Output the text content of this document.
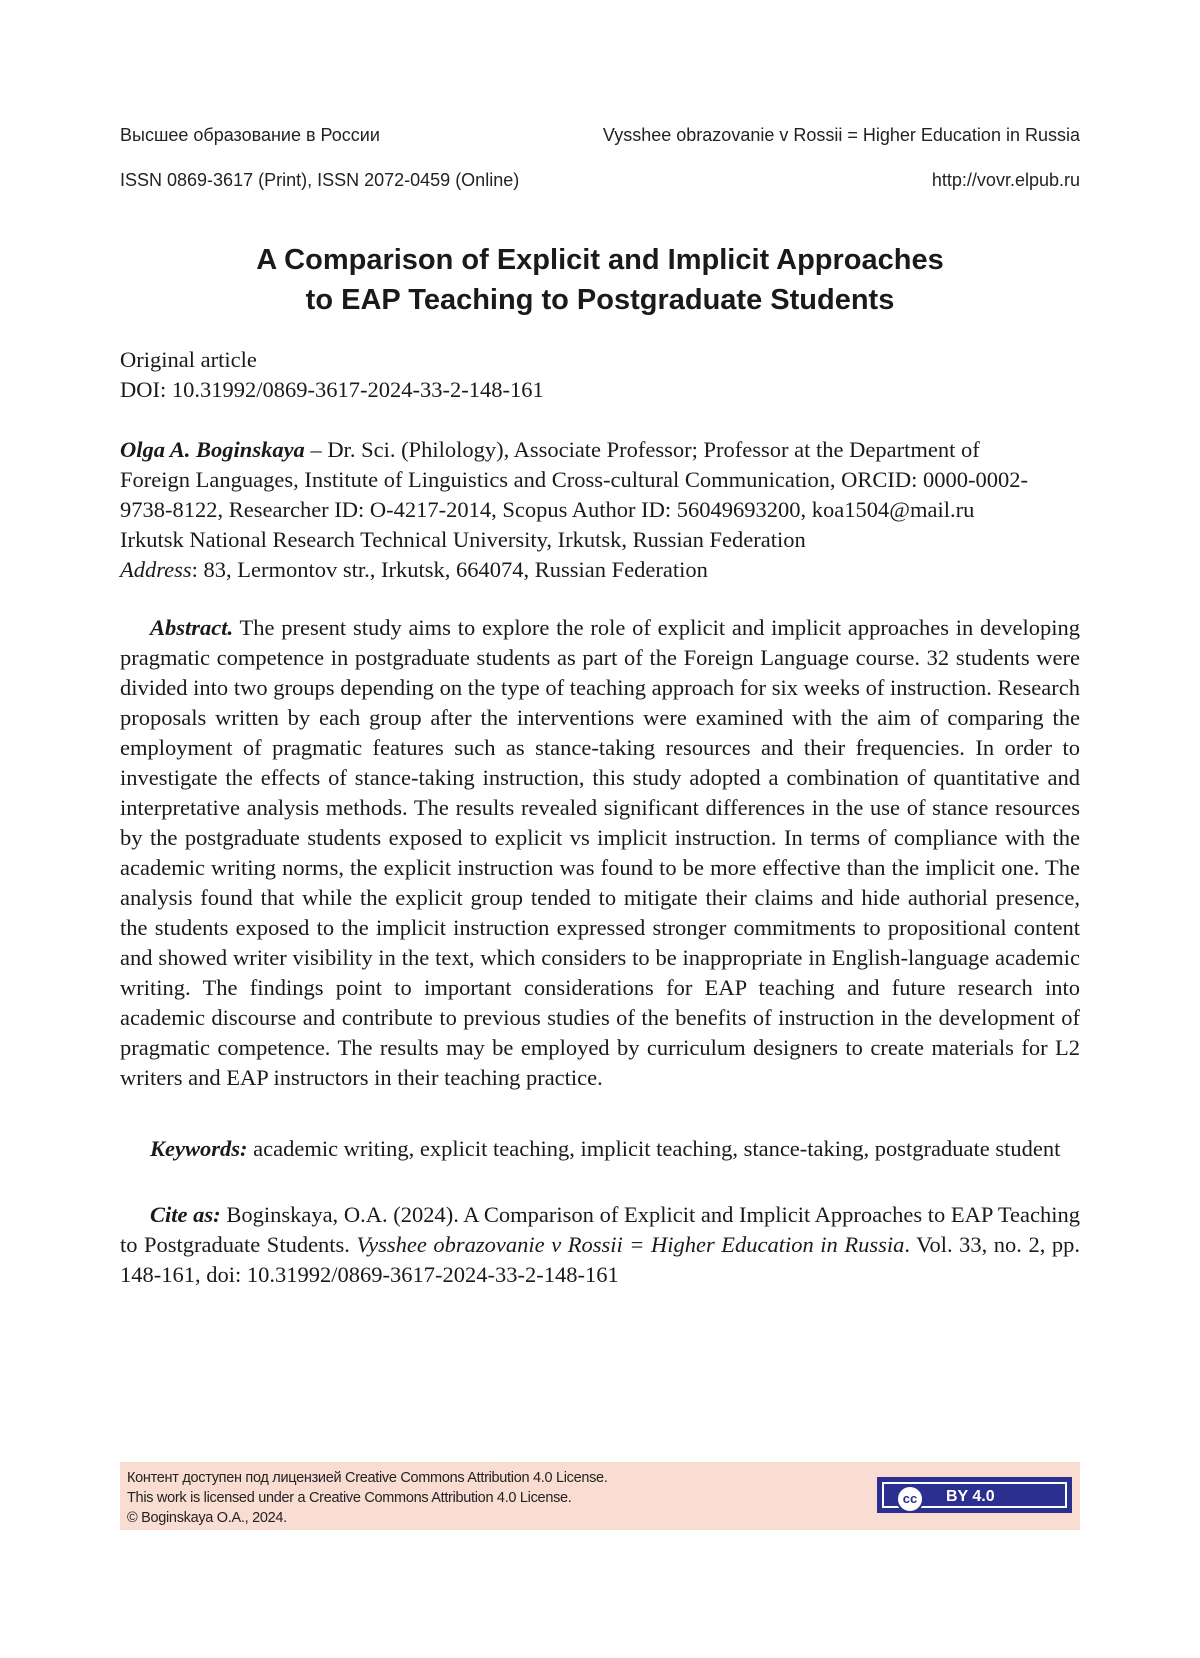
Высшее образование в России	Vysshee obrazovanie v Rossii = Higher Education in Russia
ISSN 0869-3617 (Print), ISSN 2072-0459 (Online)	http://vovr.elpub.ru
A Comparison of Explicit and Implicit Approaches
to EAP Teaching to Postgraduate Students
Original article
DOI: 10.31992/0869-3617-2024-33-2-148-161
Olga A. Boginskaya – Dr. Sci. (Philology), Associate Professor; Professor at the Department of
Foreign Languages, Institute of Linguistics and Cross-cultural Communication, ORCID: 0000-0002-
9738-8122, Researcher ID: O-4217-2014, Scopus Author ID: 56049693200, koa1504@mail.ru
Irkutsk National Research Technical University, Irkutsk, Russian Federation
Address: 83, Lermontov str., Irkutsk, 664074, Russian Federation
Abstract. The present study aims to explore the role of explicit and implicit approaches in developing pragmatic competence in postgraduate students as part of the Foreign Language course. 32 students were divided into two groups depending on the type of teaching approach for six weeks of instruction. Research proposals written by each group after the interventions were examined with the aim of comparing the employment of pragmatic features such as stance-taking resources and their frequencies. In order to investigate the effects of stance-taking instruction, this study adopted a combination of quantitative and interpretative analysis methods. The results revealed significant differences in the use of stance resources by the postgraduate students exposed to explicit vs implicit instruction. In terms of compliance with the academic writing norms, the explicit instruction was found to be more effective than the implicit one. The analysis found that while the explicit group tended to mitigate their claims and hide authorial presence, the students exposed to the implicit instruction expressed stronger commitments to propositional content and showed writer visibility in the text, which considers to be inappropriate in English-language academic writing. The findings point to important considerations for EAP teaching and future research into academic discourse and contribute to previous studies of the benefits of instruction in the development of pragmatic competence. The results may be employed by curriculum designers to create materials for L2 writers and EAP instructors in their teaching practice.
Keywords: academic writing, explicit teaching, implicit teaching, stance-taking, postgraduate student
Cite as: Boginskaya, O.A. (2024). A Comparison of Explicit and Implicit Approaches to EAP Teaching to Postgraduate Students. Vysshee obrazovanie v Rossii = Higher Education in Russia. Vol. 33, no. 2, pp. 148-161, doi: 10.31992/0869-3617-2024-33-2-148-161
Контент доступен под лицензией Creative Commons Attribution 4.0 License.
This work is licensed under a Creative Commons Attribution 4.0 License.
© Boginskaya O.A., 2024.
cc	BY 4.0
